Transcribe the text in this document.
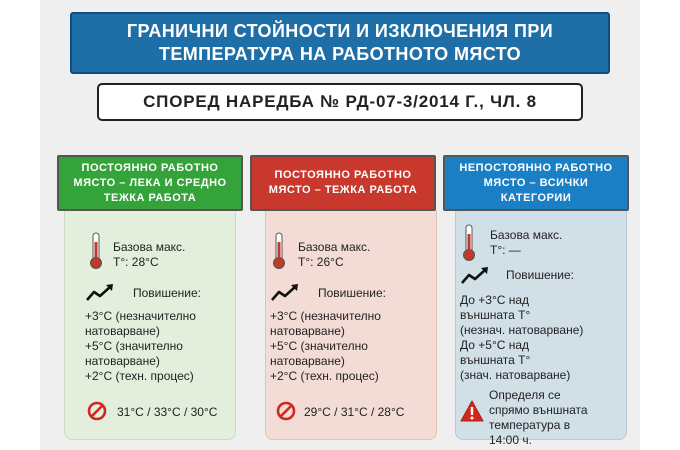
ГРАНИЧНИ СТОЙНОСТИ И ИЗКЛЮЧЕНИЯ ПРИ
ТЕМПЕРАТУРА НА РАБОТНОТО МЯСТО
СПОРЕД НАРЕДБА № РД-07-3/2014 Г., ЧЛ. 8
ПОСТОЯННО РАБОТНО
МЯСТО – ЛЕКА И СРЕДНО
ТЕЖКА РАБОТА
ПОСТОЯННО РАБОТНО
МЯСТО – ТЕЖКА РАБОТА
НЕПОСТОЯННО РАБОТНО
МЯСТО – ВСИЧКИ
КАТЕГОРИИ
Базова макс.
T°: 28°C
Повишение:
+3°C (незначително
натоварване)
+5°C (значително
натоварване)
+2°C (техн. процес)
31°C / 33°C / 30°C
Базова макс.
T°: 26°C
Повишение:
+3°C (незначително
натоварване)
+5°C (значително
натоварване)
+2°C (техн. процес)
29°C / 31°C / 28°C
Базова макс.
T°: —
Повишение:
До +3°C над
външната T°
(незнач. натоварване)
До +5°C над
външната T°
(знач. натоварване)
Определя се
спрямо външната
температура в
14:00 ч.
